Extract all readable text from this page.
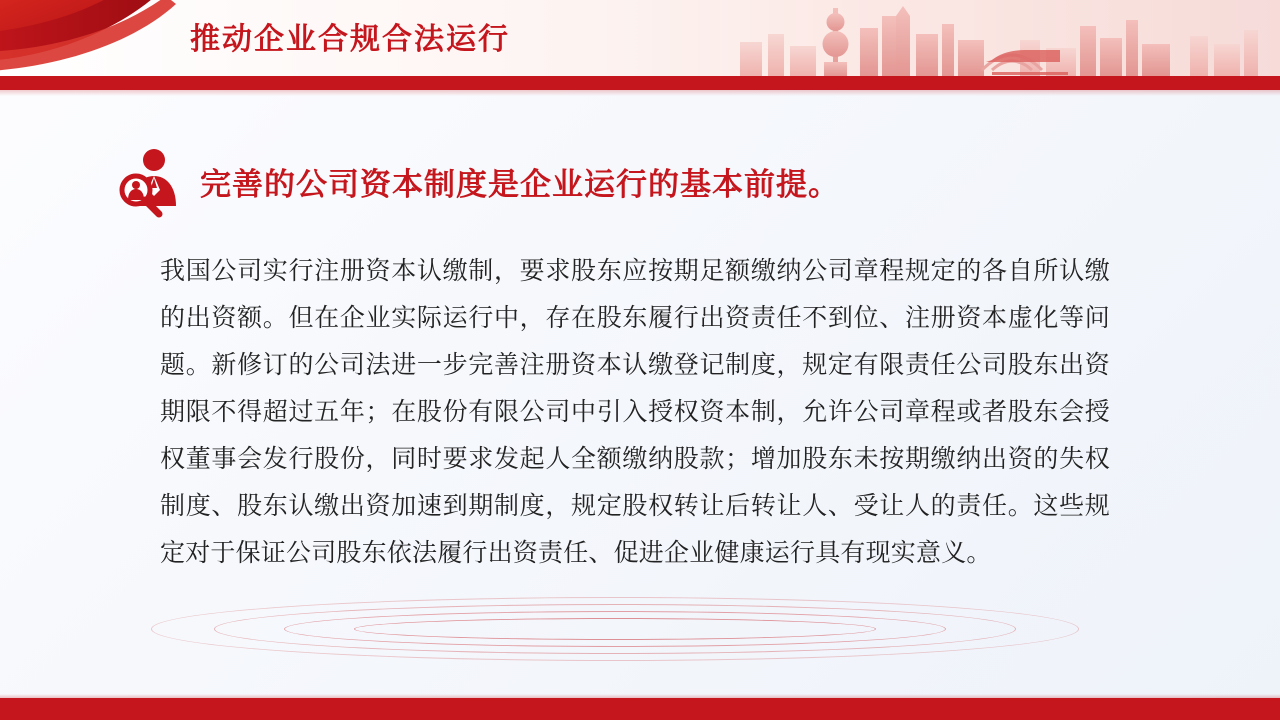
推动企业合规合法运行
完善的公司资本制度是企业运行的基本前提。
我国公司实行注册资本认缴制，要求股东应按期足额缴纳公司章程规定的各自所认缴的出资额。但在企业实际运行中，存在股东履行出资责任不到位、注册资本虚化等问题。新修订的公司法进一步完善注册资本认缴登记制度，规定有限责任公司股东出资期限不得超过五年；在股份有限公司中引入授权资本制，允许公司章程或者股东会授权董事会发行股份，同时要求发起人全额缴纳股款；增加股东未按期缴纳出资的失权制度、股东认缴出资加速到期制度，规定股权转让后转让人、受让人的责任。这些规定对于保证公司股东依法履行出资责任、促进企业健康运行具有现实意义。
